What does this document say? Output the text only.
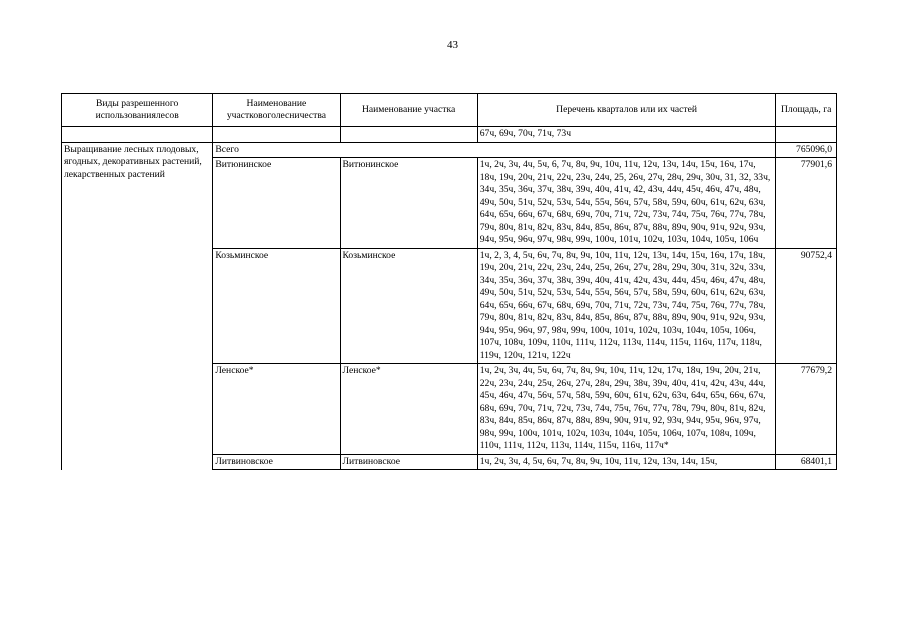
43
Виды разрешенного использованиялесов	Наименование участковоголесничества	Наименование участка	Перечень кварталов или их частей	Площадь, га
			67ч, 69ч, 70ч, 71ч, 73ч	
Выращивание лесных плодовых, ягодных, декоративных растений, лекарственных растений	Всего			765096,0
	Витюнинское	Витюнинское	1ч, 2ч, 3ч, 4ч, 5ч, 6, 7ч, 8ч, 9ч, 10ч, 11ч, 12ч, 13ч, 14ч, 15ч, 16ч, 17ч, 18ч, 19ч, 20ч, 21ч, 22ч, 23ч, 24ч, 25, 26ч, 27ч, 28ч, 29ч, 30ч, 31, 32, 33ч, 34ч, 35ч, 36ч, 37ч, 38ч, 39ч, 40ч, 41ч, 42, 43ч, 44ч, 45ч, 46ч, 47ч, 48ч, 49ч, 50ч, 51ч, 52ч, 53ч, 54ч, 55ч, 56ч, 57ч, 58ч, 59ч, 60ч, 61ч, 62ч, 63ч, 64ч, 65ч, 66ч, 67ч, 68ч, 69ч, 70ч, 71ч, 72ч, 73ч, 74ч, 75ч, 76ч, 77ч, 78ч, 79ч, 80ч, 81ч, 82ч, 83ч, 84ч, 85ч, 86ч, 87ч, 88ч, 89ч, 90ч, 91ч, 92ч, 93ч, 94ч, 95ч, 96ч, 97ч, 98ч, 99ч, 100ч, 101ч, 102ч, 103ч, 104ч, 105ч, 106ч	77901,6
	Козьминское	Козьминское	1ч, 2, 3, 4, 5ч, 6ч, 7ч, 8ч, 9ч, 10ч, 11ч, 12ч, 13ч, 14ч, 15ч, 16ч, 17ч, 18ч, 19ч, 20ч, 21ч, 22ч, 23ч, 24ч, 25ч, 26ч, 27ч, 28ч, 29ч, 30ч, 31ч, 32ч, 33ч, 34ч, 35ч, 36ч, 37ч, 38ч, 39ч, 40ч, 41ч, 42ч, 43ч, 44ч, 45ч, 46ч, 47ч, 48ч, 49ч, 50ч, 51ч, 52ч, 53ч, 54ч, 55ч, 56ч, 57ч, 58ч, 59ч, 60ч, 61ч, 62ч, 63ч, 64ч, 65ч, 66ч, 67ч, 68ч, 69ч, 70ч, 71ч, 72ч, 73ч, 74ч, 75ч, 76ч, 77ч, 78ч, 79ч, 80ч, 81ч, 82ч, 83ч, 84ч, 85ч, 86ч, 87ч, 88ч, 89ч, 90ч, 91ч, 92ч, 93ч, 94ч, 95ч, 96ч, 97, 98ч, 99ч, 100ч, 101ч, 102ч, 103ч, 104ч, 105ч, 106ч, 107ч, 108ч, 109ч, 110ч, 111ч, 112ч, 113ч, 114ч, 115ч, 116ч, 117ч, 118ч, 119ч, 120ч, 121ч, 122ч	90752,4
	Ленское*	Ленское*	1ч, 2ч, 3ч, 4ч, 5ч, 6ч, 7ч, 8ч, 9ч, 10ч, 11ч, 12ч, 17ч, 18ч, 19ч, 20ч, 21ч, 22ч, 23ч, 24ч, 25ч, 26ч, 27ч, 28ч, 29ч, 38ч, 39ч, 40ч, 41ч, 42ч, 43ч, 44ч, 45ч, 46ч, 47ч, 56ч, 57ч, 58ч, 59ч, 60ч, 61ч, 62ч, 63ч, 64ч, 65ч, 66ч, 67ч, 68ч, 69ч, 70ч, 71ч, 72ч, 73ч, 74ч, 75ч, 76ч, 77ч, 78ч, 79ч, 80ч, 81ч, 82ч, 83ч, 84ч, 85ч, 86ч, 87ч, 88ч, 89ч, 90ч, 91ч, 92, 93ч, 94ч, 95ч, 96ч, 97ч, 98ч, 99ч, 100ч, 101ч, 102ч, 103ч, 104ч, 105ч, 106ч, 107ч, 108ч, 109ч, 110ч, 111ч, 112ч, 113ч, 114ч, 115ч, 116ч, 117ч*	77679,2
	Литвиновское	Литвиновское	1ч, 2ч, 3ч, 4, 5ч, 6ч, 7ч, 8ч, 9ч, 10ч, 11ч, 12ч, 13ч, 14ч, 15ч,	68401,1
